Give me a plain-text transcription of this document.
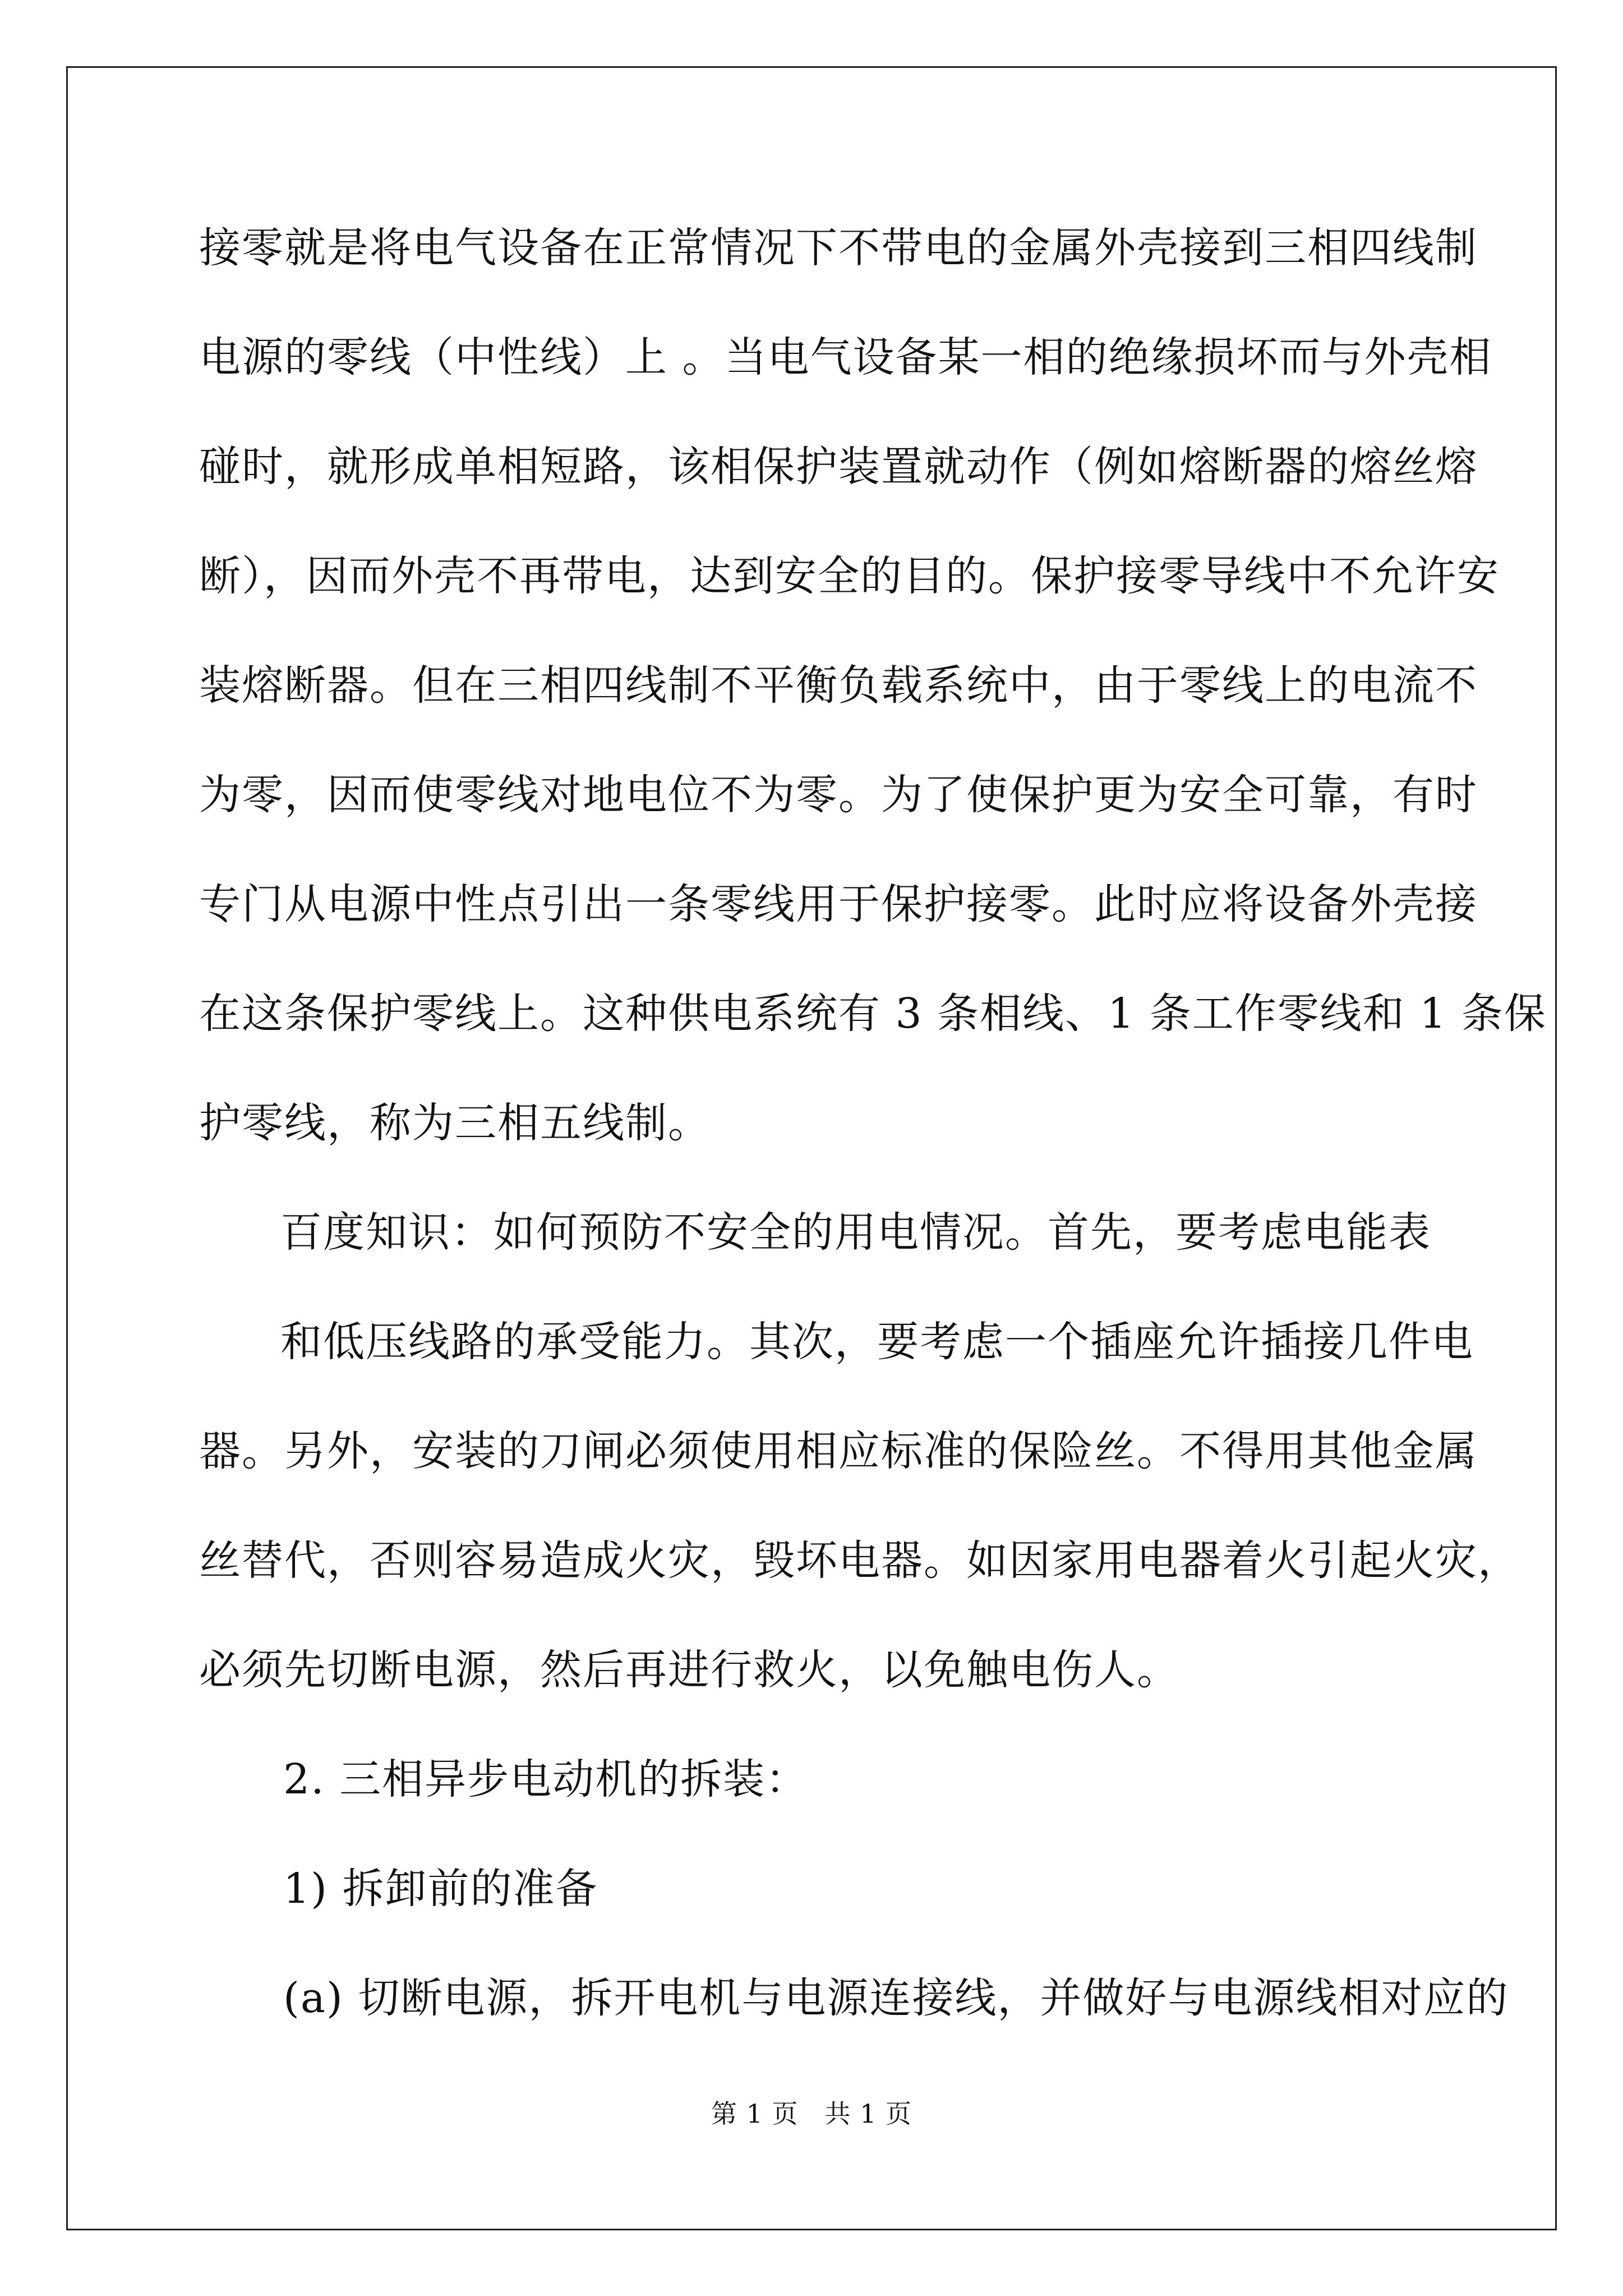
接零就是将电气设备在正常情况下不带电的金属外壳接到三相四线制
电源的零线（中性线）上 。当电气设备某一相的绝缘损坏而与外壳相
碰时，就形成单相短路，该相保护装置就动作（例如熔断器的熔丝熔
断），因而外壳不再带电，达到安全的目的。保护接零导线中不允许安
装熔断器。但在三相四线制不平衡负载系统中，由于零线上的电流不
为零，因而使零线对地电位不为零。为了使保护更为安全可靠，有时
专门从电源中性点引出一条零线用于保护接零。此时应将设备外壳接
在这条保护零线上。这种供电系统有 3 条相线、1 条工作零线和 1 条保
护零线，称为三相五线制。
百度知识：如何预防不安全的用电情况。首先，要考虑电能表
和低压线路的承受能力。其次，要考虑一个插座允许插接几件电
器。另外，安装的刀闸必须使用相应标准的保险丝。不得用其他金属
丝替代，否则容易造成火灾，毁坏电器。如因家用电器着火引起火灾，
必须先切断电源，然后再进行救火，以免触电伤人。
2. 三相异步电动机的拆装：
1) 拆卸前的准备
(a) 切断电源，拆开电机与电源连接线，并做好与电源线相对应的
第 1 页　共 1 页
